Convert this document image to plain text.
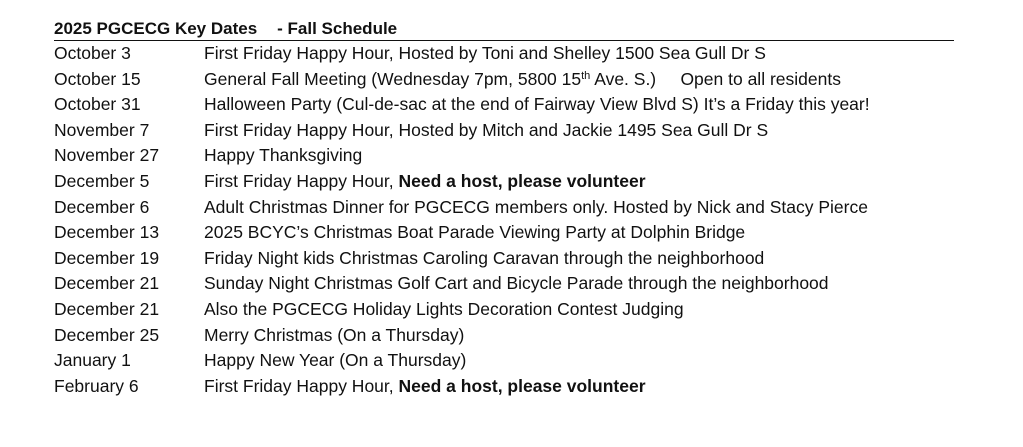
2025 PGCECG Key Dates - Fall Schedule
October 3	First Friday Happy Hour, Hosted by Toni and Shelley 1500 Sea Gull Dr S
October 15	General Fall Meeting (Wednesday 7pm, 5800 15th Ave. S.)     Open to all residents
October 31	Halloween Party (Cul-de-sac at the end of Fairway View Blvd S) It’s a Friday this year!
November 7	First Friday Happy Hour, Hosted by Mitch and Jackie 1495 Sea Gull Dr S
November 27	Happy Thanksgiving
December 5	First Friday Happy Hour, Need a host, please volunteer
December 6	Adult Christmas Dinner for PGCECG members only. Hosted by Nick and Stacy Pierce
December 13	2025 BCYC’s Christmas Boat Parade Viewing Party at Dolphin Bridge
December 19	Friday Night kids Christmas Caroling Caravan through the neighborhood
December 21	Sunday Night Christmas Golf Cart and Bicycle Parade through the neighborhood
December 21	Also the PGCECG Holiday Lights Decoration Contest Judging
December 25	Merry Christmas (On a Thursday)
January 1	Happy New Year (On a Thursday)
February 6	First Friday Happy Hour, Need a host, please volunteer
